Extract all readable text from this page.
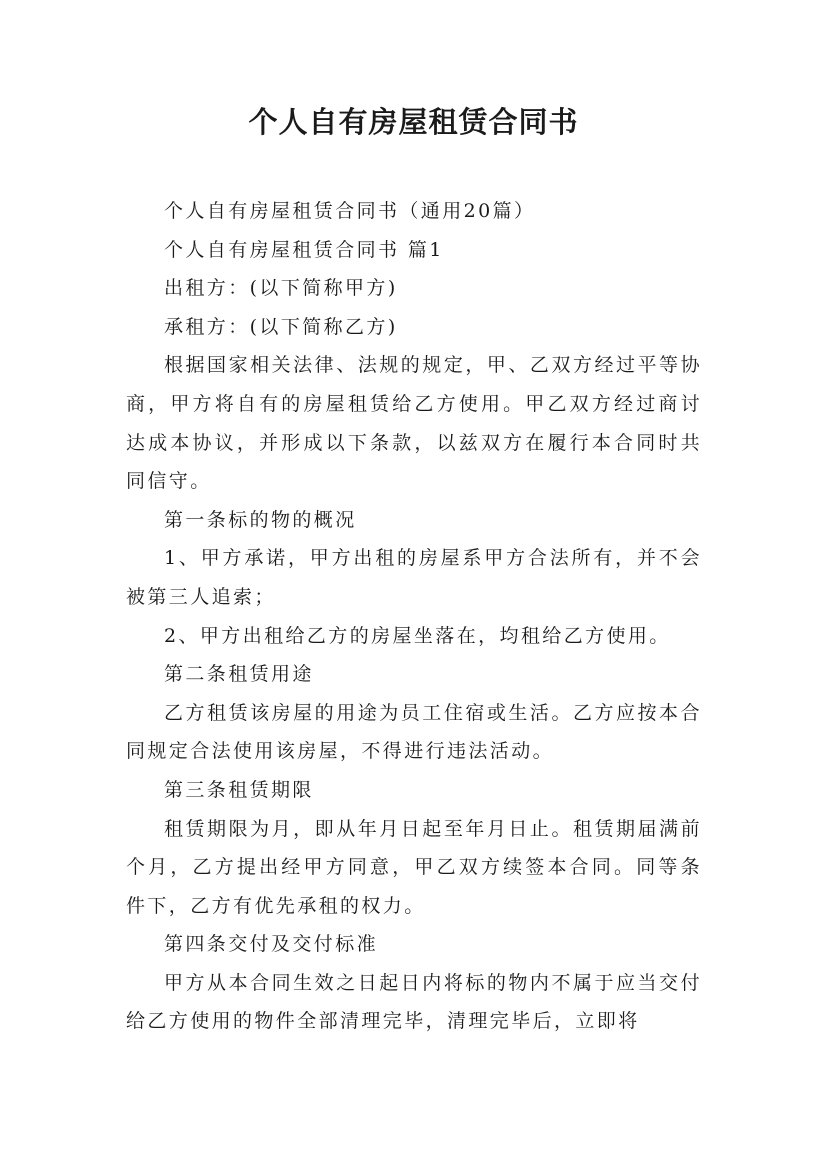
个人自有房屋租赁合同书

个人自有房屋租赁合同书（通用20篇）

个人自有房屋租赁合同书 篇1

出租方：(以下简称甲方)

承租方：(以下简称乙方)

根据国家相关法律、法规的规定，甲、乙双方经过平等协商，甲方将自有的房屋租赁给乙方使用。甲乙双方经过商讨达成本协议，并形成以下条款，以兹双方在履行本合同时共同信守。

第一条标的物的概况

1、甲方承诺，甲方出租的房屋系甲方合法所有，并不会被第三人追索；

2、甲方出租给乙方的房屋坐落在，均租给乙方使用。

第二条租赁用途

乙方租赁该房屋的用途为员工住宿或生活。乙方应按本合同规定合法使用该房屋，不得进行违法活动。

第三条租赁期限

租赁期限为月，即从年月日起至年月日止。租赁期届满前个月，乙方提出经甲方同意，甲乙双方续签本合同。同等条件下，乙方有优先承租的权力。

第四条交付及交付标准

甲方从本合同生效之日起日内将标的物内不属于应当交付给乙方使用的物件全部清理完毕，清理完毕后，立即将
